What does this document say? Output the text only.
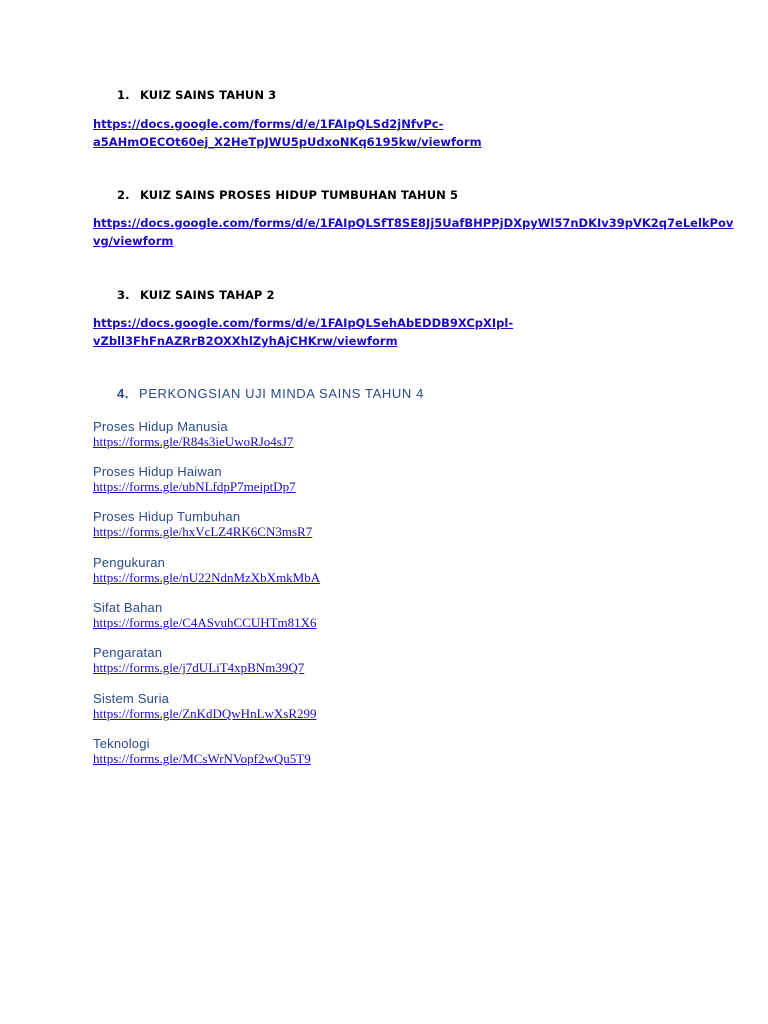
1. KUIZ SAINS TAHUN 3

https://docs.google.com/forms/d/e/1FAIpQLSd2jNfvPc-
a5AHmOECOt60ej_X2HeTpJWU5pUdxoNKq6195kw/viewform

2. KUIZ SAINS PROSES HIDUP TUMBUHAN TAHUN 5

https://docs.google.com/forms/d/e/1FAIpQLSfT8SE8Jj5UafBHPPjDXpyWl57nDKIv39pVK2q7eLelkPov
vg/viewform

3. KUIZ SAINS TAHAP 2

https://docs.google.com/forms/d/e/1FAIpQLSehAbEDDB9XCpXIpl-
vZbll3FhFnAZRrB2OXXhlZyhAjCHKrw/viewform

4. PERKONGSIAN UJI MINDA SAINS TAHUN 4

Proses Hidup Manusia
https://forms.gle/R84s3ieUwoRJo4sJ7
Proses Hidup Haiwan
https://forms.gle/ubNLfdpP7meiptDp7
Proses Hidup Tumbuhan
https://forms.gle/hxVcLZ4RK6CN3msR7
Pengukuran
https://forms.gle/nU22NdnMzXbXmkMbA
Sifat Bahan
https://forms.gle/C4ASvuhCCUHTm81X6
Pengaratan
https://forms.gle/j7dULiT4xpBNm39Q7
Sistem Suria
https://forms.gle/ZnKdDQwHnLwXsR299
Teknologi
https://forms.gle/MCsWrNVopf2wQu5T9
